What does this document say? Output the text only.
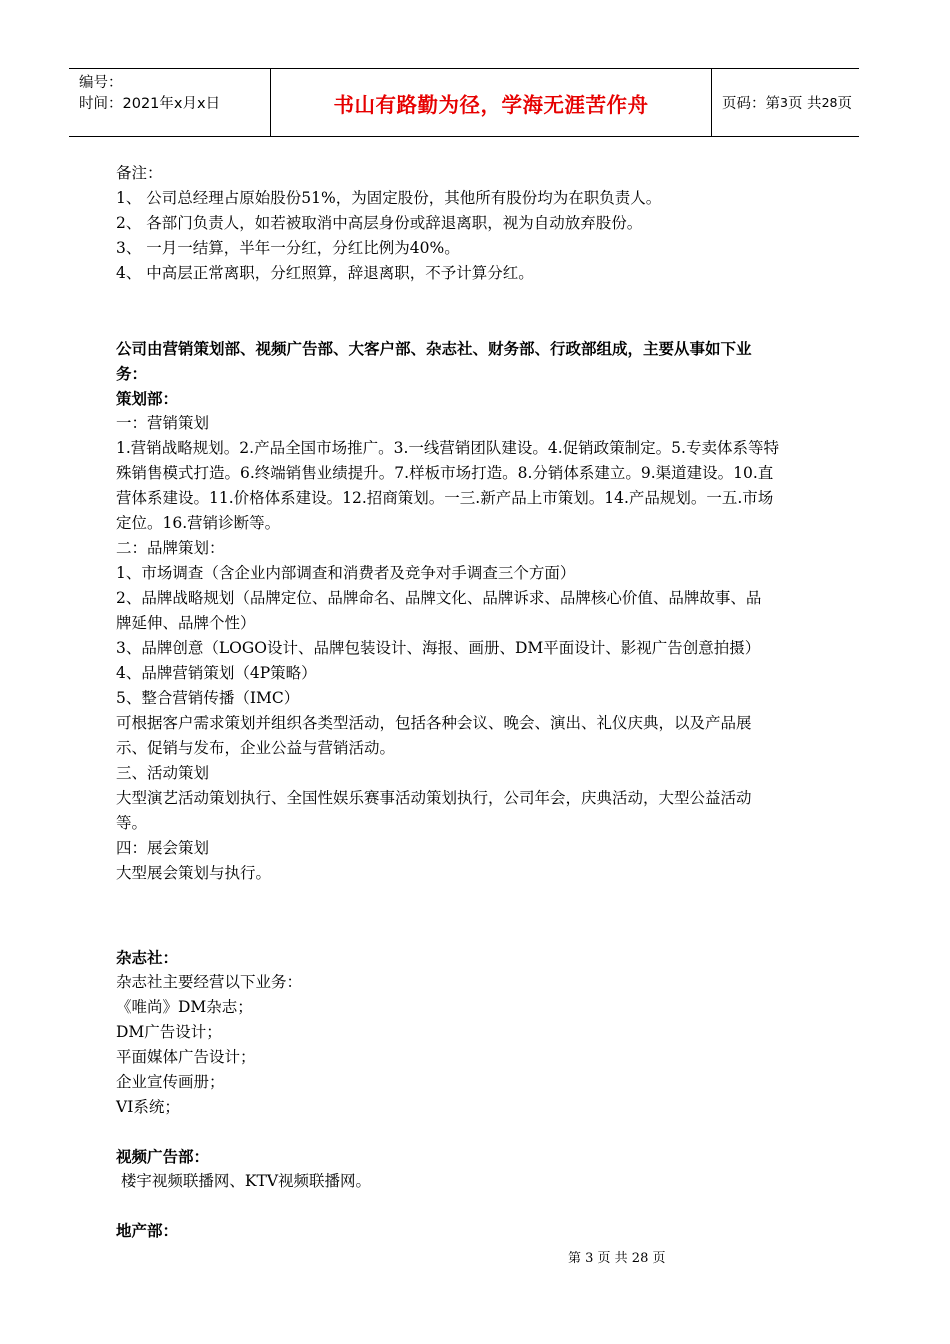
编号：
时间：2021年x月x日	书山有路勤为径，学海无涯苦作舟	页码：第 3 页 共 28 页

备注：

1、 公司总经理占原始股份51%，为固定股份，其他所有股份均为在职负责人。

2、 各部门负责人，如若被取消中高层身份或辞退离职，视为自动放弃股份。

3、 一月一结算，半年一分红，分红比例为40%。

4、 中高层正常离职，分红照算，辞退离职，不予计算分红。

公司由营销策划部、视频广告部、大客户部、杂志社、财务部、行政部组成，主要从事如下业

务：

策划部：

一：营销策划

1.营销战略规划。2.产品全国市场推广。3.一线营销团队建设。4.促销政策制定。5.专卖体系等特

殊销售模式打造。6.终端销售业绩提升。7.样板市场打造。8.分销体系建立。9.渠道建设。10.直

营体系建设。11.价格体系建设。12.招商策划。一三.新产品上市策划。14.产品规划。一五.市场

定位。16.营销诊断等。

二：品牌策划：

1、市场调查（含企业内部调查和消费者及竞争对手调查三个方面）

2、品牌战略规划（品牌定位、品牌命名、品牌文化、品牌诉求、品牌核心价值、品牌故事、品

牌延伸、品牌个性）

3、品牌创意（LOGO设计、品牌包装设计、海报、画册、DM平面设计、影视广告创意拍摄）

4、品牌营销策划（4P策略）

5、整合营销传播（IMC）

可根据客户需求策划并组织各类型活动，包括各种会议、晚会、演出、礼仪庆典，以及产品展

示、促销与发布，企业公益与营销活动。

三、活动策划

大型演艺活动策划执行、全国性娱乐赛事活动策划执行，公司年会，庆典活动，大型公益活动

等。

四：展会策划

大型展会策划与执行。

杂志社：

杂志社主要经营以下业务：

《唯尚》DM杂志；

DM广告设计；

平面媒体广告设计；

企业宣传画册；

VI系统；

视频广告部：

楼宇视频联播网、KTV视频联播网。

地产部：

第 3 页 共 28 页
